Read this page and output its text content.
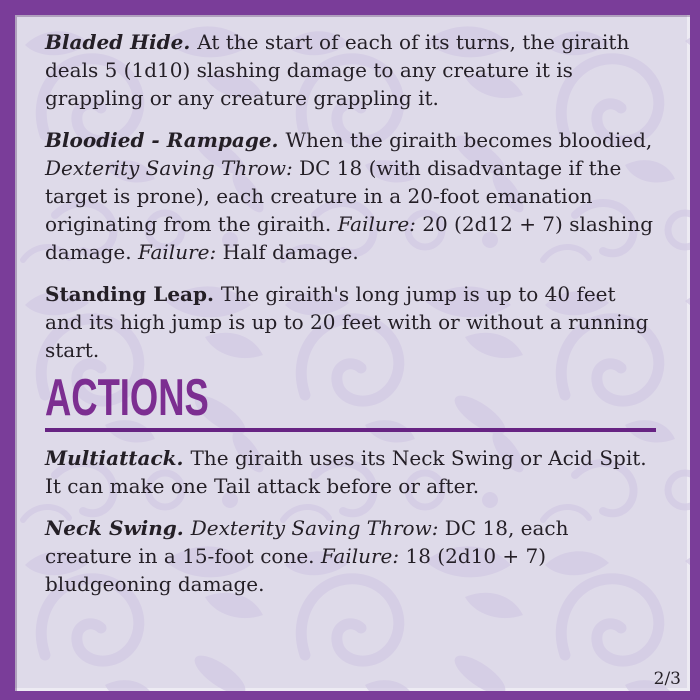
Bladed Hide. At the start of each of its turns, the giraith deals 5 (1d10) slashing damage to any creature it is grappling or any creature grappling it.

Bloodied - Rampage. When the giraith becomes bloodied, Dexterity Saving Throw: DC 18 (with disadvantage if the target is prone), each creature in a 20-foot emanation originating from the giraith. Failure: 20 (2d12 + 7) slashing damage. Failure: Half damage.

Standing Leap. The giraith's long jump is up to 40 feet and its high jump is up to 20 feet with or without a running start.

ACTIONS

Multiattack. The giraith uses its Neck Swing or Acid Spit. It can make one Tail attack before or after.

Neck Swing. Dexterity Saving Throw: DC 18, each creature in a 15-foot cone. Failure: 18 (2d10 + 7) bludgeoning damage.

2/3
